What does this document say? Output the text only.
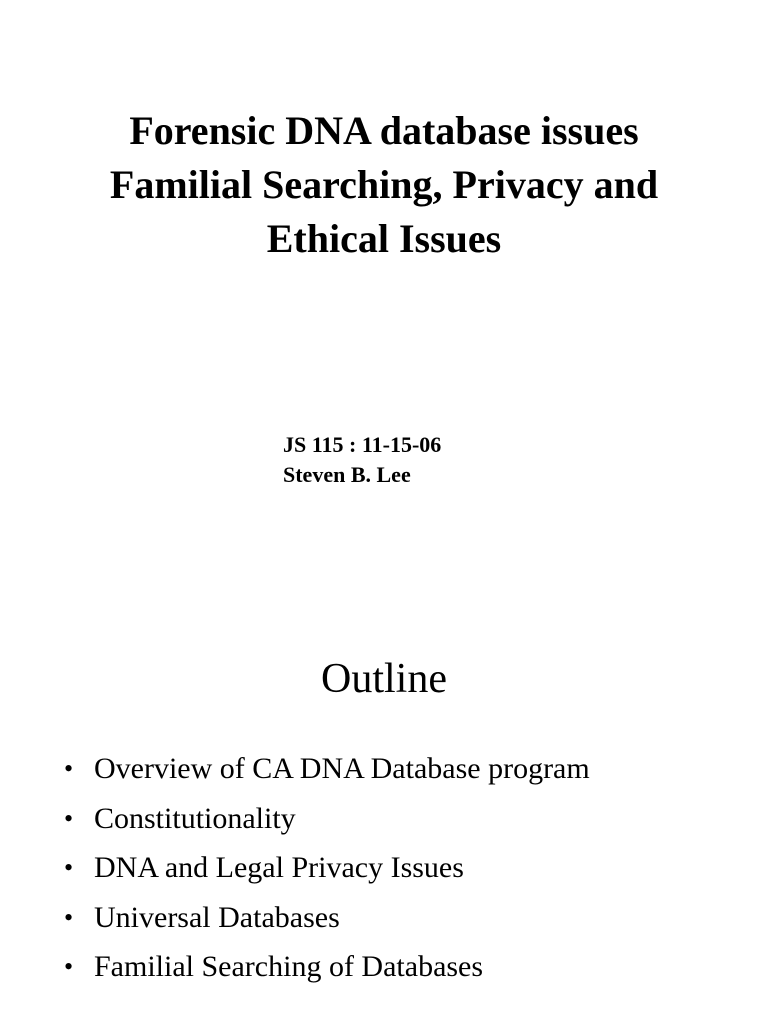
Forensic DNA database issues
Familial Searching, Privacy and
Ethical Issues
JS 115 : 11-15-06
Steven B. Lee
Outline
• Overview of CA DNA Database program
• Constitutionality
• DNA and Legal Privacy Issues
• Universal Databases
• Familial Searching of Databases
